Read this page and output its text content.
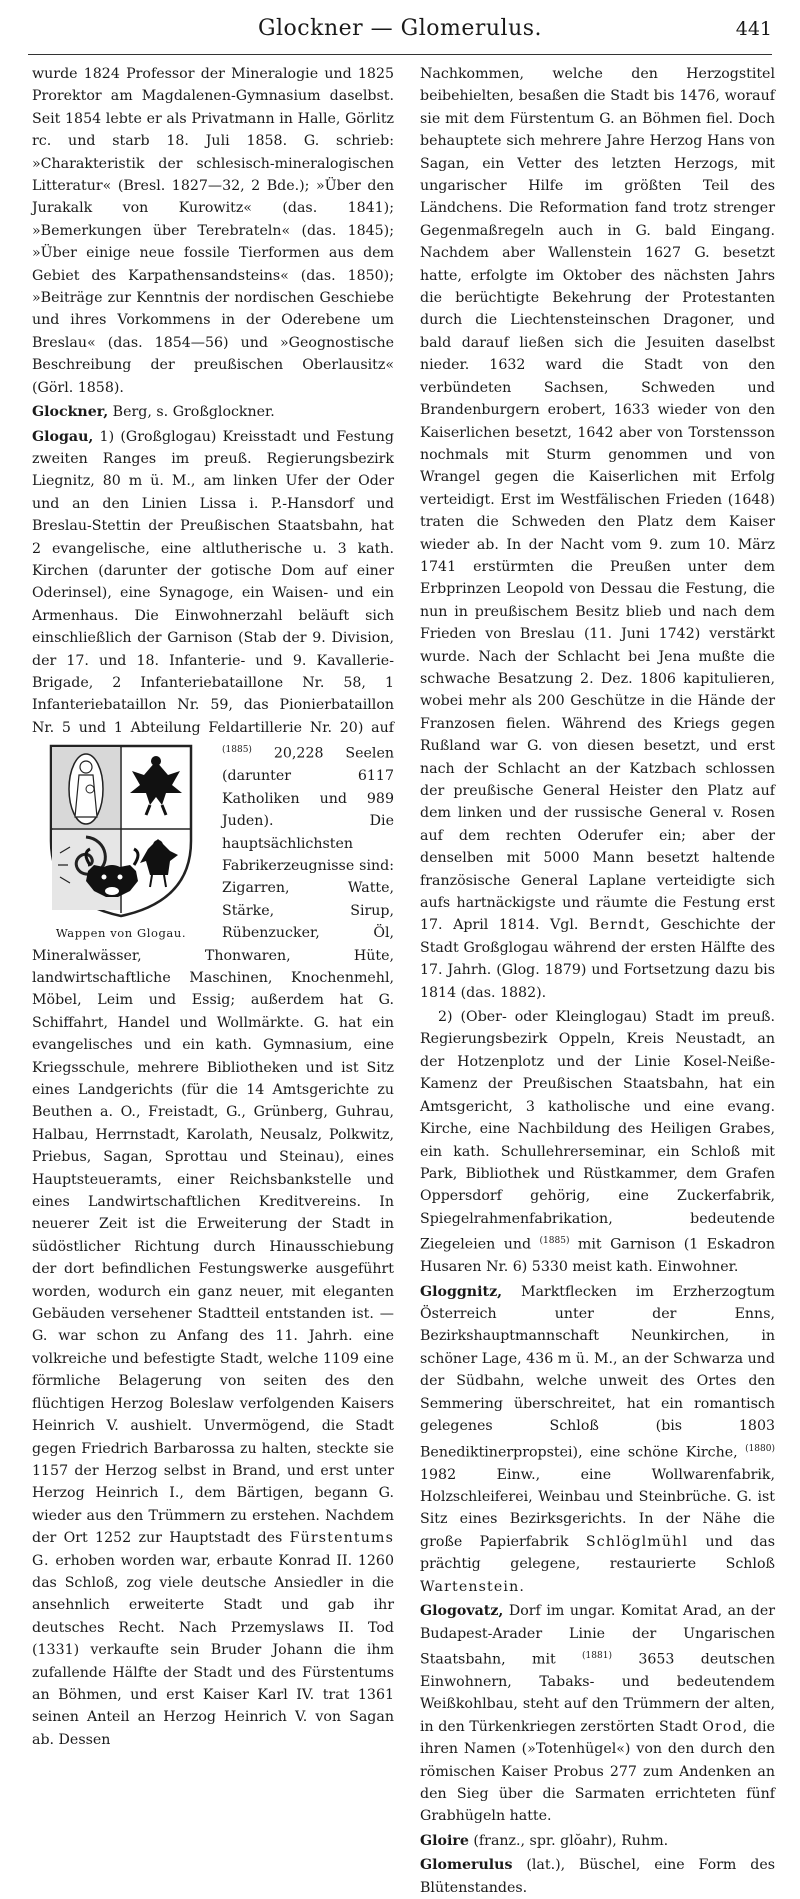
Glockner — Glomerulus.	441

wurde 1824 Professor der Mineralogie und 1825 Prorektor am Magdalenen-Gymnasium daselbst. Seit 1854 lebte er als Privatmann in Halle, Görlitz rc. und starb 18. Juli 1858. G. schrieb: »Charakteristik der schlesisch-mineralogischen Litteratur« (Bresl. 1827—32, 2 Bde.); »Über den Jurakalk von Kurowitz« (das. 1841); »Bemerkungen über Terebrateln« (das. 1845); »Über einige neue fossile Tierformen aus dem Gebiet des Karpathensandsteins« (das. 1850); »Beiträge zur Kenntnis der nordischen Geschiebe und ihres Vorkommens in der Oderebene um Breslau« (das. 1854—56) und »Geognostische Beschreibung der preußischen Oberlausitz« (Görl. 1858).

Glockner, Berg, s. Großglockner.

Glogau, 1) (Großglogau) Kreisstadt und Festung zweiten Ranges im preuß. Regierungsbezirk Liegnitz, 80 m ü. M., am linken Ufer der Oder und an den Linien Lissa i. P.-Hansdorf und Breslau-Stettin der Preußischen Staatsbahn, hat 2 evangelische, eine altlutherische u. 3 kath. Kirchen (darunter der gotische Dom auf einer Oderinsel), eine Synagoge, ein Waisen- und ein Armenhaus. Die Einwohnerzahl beläuft sich einschließlich der Garnison (Stab der 9. Division, der 17. und 18. Infanterie- und 9. Kavallerie-Brigade, 2 Infanteriebataillone Nr. 58, 1 Infanteriebataillon Nr. 59, das Pionierbataillon Nr. 5 und 1 Abteilung Feldartillerie Nr. 20) auf
Wappen von Glogau.
$^{(1885)}$ 20,228 Seelen (darunter 6117 Katholiken und 989 Juden). Die hauptsächlichsten Fabrikerzeugnisse sind: Zigarren, Watte, Stärke, Sirup, Rübenzucker, Öl, Mineralwässer, Thonwaren, Hüte, landwirtschaftliche Maschinen, Knochenmehl, Möbel, Leim und Essig; außerdem hat G. Schiffahrt, Handel und Wollmärkte. G. hat ein evangelisches und ein kath. Gymnasium, eine Kriegsschule, mehrere Bibliotheken und ist Sitz eines Landgerichts (für die 14 Amtsgerichte zu Beuthen a. O., Freistadt, G., Grünberg, Guhrau, Halbau, Herrnstadt, Karolath, Neusalz, Polkwitz, Priebus, Sagan, Sprottau und Steinau), eines Hauptsteueramts, einer Reichsbankstelle und eines Landwirtschaftlichen Kreditvereins. In neuerer Zeit ist die Erweiterung der Stadt in südöstlicher Richtung durch Hinausschiebung der dort befindlichen Festungswerke ausgeführt worden, wodurch ein ganz neuer, mit eleganten Gebäuden versehener Stadtteil entstanden ist. — G. war schon zu Anfang des 11. Jahrh. eine volkreiche und befestigte Stadt, welche 1109 eine förmliche Belagerung von seiten des den flüchtigen Herzog Boleslaw verfolgenden Kaisers Heinrich V. aushielt. Unvermögend, die Stadt gegen Friedrich Barbarossa zu halten, steckte sie 1157 der Herzog selbst in Brand, und erst unter Herzog Heinrich I., dem Bärtigen, begann G. wieder aus den Trümmern zu erstehen. Nachdem der Ort 1252 zur Hauptstadt des Fürstentums G. erhoben worden war, erbaute Konrad II. 1260 das Schloß, zog viele deutsche Ansiedler in die ansehnlich erweiterte Stadt und gab ihr deutsches Recht. Nach Przemyslaws II. Tod (1331) verkaufte sein Bruder Johann die ihm zufallende Hälfte der Stadt und des Fürstentums an Böhmen, und erst Kaiser Karl IV. trat 1361 seinen Anteil an Herzog Heinrich V. von Sagan ab. Dessen

Nachkommen, welche den Herzogstitel beibehielten, besaßen die Stadt bis 1476, worauf sie mit dem Fürstentum G. an Böhmen fiel. Doch behauptete sich mehrere Jahre Herzog Hans von Sagan, ein Vetter des letzten Herzogs, mit ungarischer Hilfe im größten Teil des Ländchens. Die Reformation fand trotz strenger Gegenmaßregeln auch in G. bald Eingang. Nachdem aber Wallenstein 1627 G. besetzt hatte, erfolgte im Oktober des nächsten Jahrs die berüchtigte Bekehrung der Protestanten durch die Liechtensteinschen Dragoner, und bald darauf ließen sich die Jesuiten daselbst nieder. 1632 ward die Stadt von den verbündeten Sachsen, Schweden und Brandenburgern erobert, 1633 wieder von den Kaiserlichen besetzt, 1642 aber von Torstensson nochmals mit Sturm genommen und von Wrangel gegen die Kaiserlichen mit Erfolg verteidigt. Erst im Westfälischen Frieden (1648) traten die Schweden den Platz dem Kaiser wieder ab. In der Nacht vom 9. zum 10. März 1741 erstürmten die Preußen unter dem Erbprinzen Leopold von Dessau die Festung, die nun in preußischem Besitz blieb und nach dem Frieden von Breslau (11. Juni 1742) verstärkt wurde. Nach der Schlacht bei Jena mußte die schwache Besatzung 2. Dez. 1806 kapitulieren, wobei mehr als 200 Geschütze in die Hände der Franzosen fielen. Während des Kriegs gegen Rußland war G. von diesen besetzt, und erst nach der Schlacht an der Katzbach schlossen der preußische General Heister den Platz auf dem linken und der russische General v. Rosen auf dem rechten Oderufer ein; aber der denselben mit 5000 Mann besetzt haltende französische General Laplane verteidigte sich aufs hartnäckigste und räumte die Festung erst 17. April 1814. Vgl. Berndt, Geschichte der Stadt Großglogau während der ersten Hälfte des 17. Jahrh. (Glog. 1879) und Fortsetzung dazu bis 1814 (das. 1882).

2) (Ober- oder Kleinglogau) Stadt im preuß. Regierungsbezirk Oppeln, Kreis Neustadt, an der Hotzenplotz und der Linie Kosel-Neiße-Kamenz der Preußischen Staatsbahn, hat ein Amtsgericht, 3 katholische und eine evang. Kirche, eine Nachbildung des Heiligen Grabes, ein kath. Schullehrerseminar, ein Schloß mit Park, Bibliothek und Rüstkammer, dem Grafen Oppersdorf gehörig, eine Zuckerfabrik, Spiegelrahmenfabrikation, bedeutende Ziegeleien und $^{(1885)}$ mit Garnison (1 Eskadron Husaren Nr. 6) 5330 meist kath. Einwohner.

Gloggnitz, Marktflecken im Erzherzogtum Österreich unter der Enns, Bezirkshauptmannschaft Neunkirchen, in schöner Lage, 436 m ü. M., an der Schwarza und der Südbahn, welche unweit des Ortes den Semmering überschreitet, hat ein romantisch gelegenes Schloß (bis 1803 Benediktinerpropstei), eine schöne Kirche, $^{(1880)}$ 1982 Einw., eine Wollwarenfabrik, Holzschleiferei, Weinbau und Steinbrüche. G. ist Sitz eines Bezirksgerichts. In der Nähe die große Papierfabrik Schlöglmühl und das prächtig gelegene, restaurierte Schloß Wartenstein.

Glogovatz, Dorf im ungar. Komitat Arad, an der Budapest-Arader Linie der Ungarischen Staatsbahn, mit $^{(1881)}$ 3653 deutschen Einwohnern, Tabaks- und bedeutendem Weißkohlbau, steht auf den Trümmern der alten, in den Türkenkriegen zerstörten Stadt Orod, die ihren Namen (»Totenhügel«) von den durch den römischen Kaiser Probus 277 zum Andenken an den Sieg über die Sarmaten errichteten fünf Grabhügeln hatte.

Gloire (franz., spr. glŏahr), Ruhm.

Glomerulus (lat.), Büschel, eine Form des Blütenstandes.
